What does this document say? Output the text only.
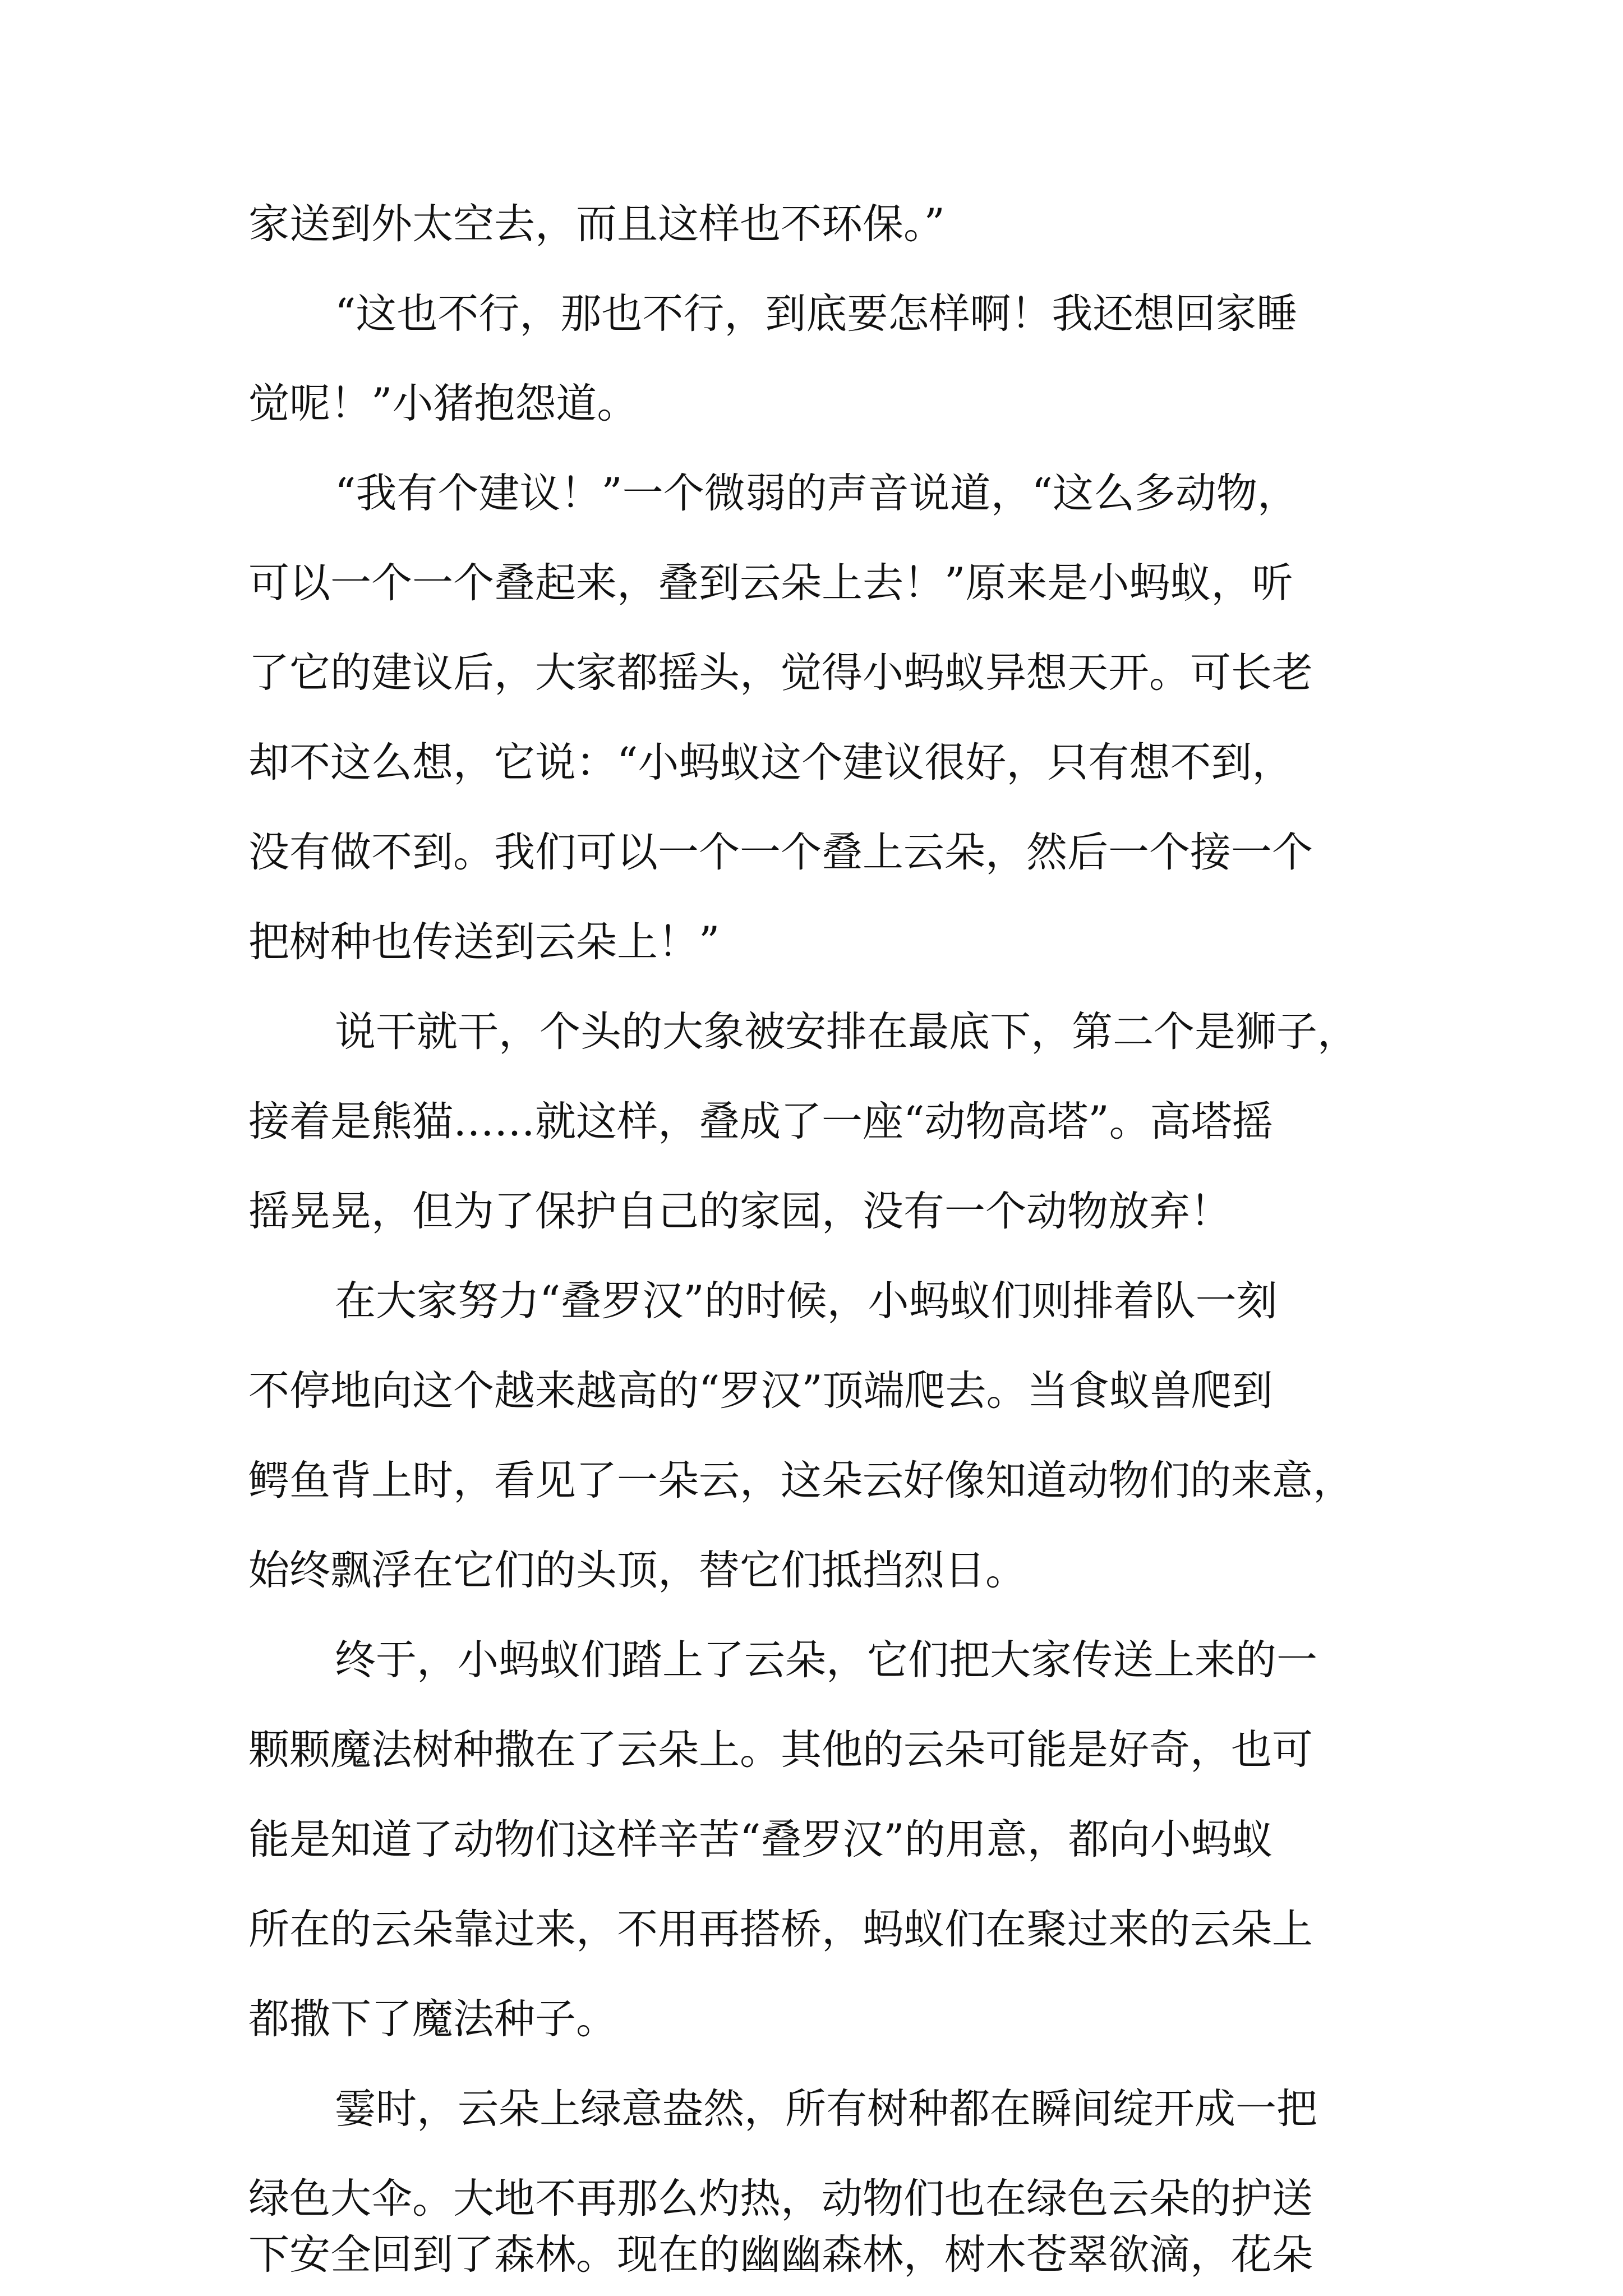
家送到外太空去，而且这样也不环保。”
“这也不行，那也不行，到底要怎样啊！我还想回家睡
觉呢！”小猪抱怨道。
“我有个建议！”一个微弱的声音说道，“这么多动物，
可以一个一个叠起来，叠到云朵上去！”原来是小蚂蚁，听
了它的建议后，大家都摇头，觉得小蚂蚁异想天开。可长老
却不这么想，它说：“小蚂蚁这个建议很好，只有想不到，
没有做不到。我们可以一个一个叠上云朵，然后一个接一个
把树种也传送到云朵上！”
说干就干，个头的大象被安排在最底下，第二个是狮子，
接着是熊猫……就这样，叠成了一座“动物高塔”。高塔摇
摇晃晃，但为了保护自己的家园，没有一个动物放弃！
在大家努力“叠罗汉”的时候，小蚂蚁们则排着队一刻
不停地向这个越来越高的“罗汉”顶端爬去。当食蚁兽爬到
鳄鱼背上时，看见了一朵云，这朵云好像知道动物们的来意，
始终飘浮在它们的头顶，替它们抵挡烈日。
终于，小蚂蚁们踏上了云朵，它们把大家传送上来的一
颗颗魔法树种撒在了云朵上。其他的云朵可能是好奇，也可
能是知道了动物们这样辛苦“叠罗汉”的用意，都向小蚂蚁
所在的云朵靠过来，不用再搭桥，蚂蚁们在聚过来的云朵上
都撒下了魔法种子。
霎时，云朵上绿意盎然，所有树种都在瞬间绽开成一把
绿色大伞。大地不再那么灼热，动物们也在绿色云朵的护送
下安全回到了森林。现在的幽幽森林，树木苍翠欲滴，花朵
